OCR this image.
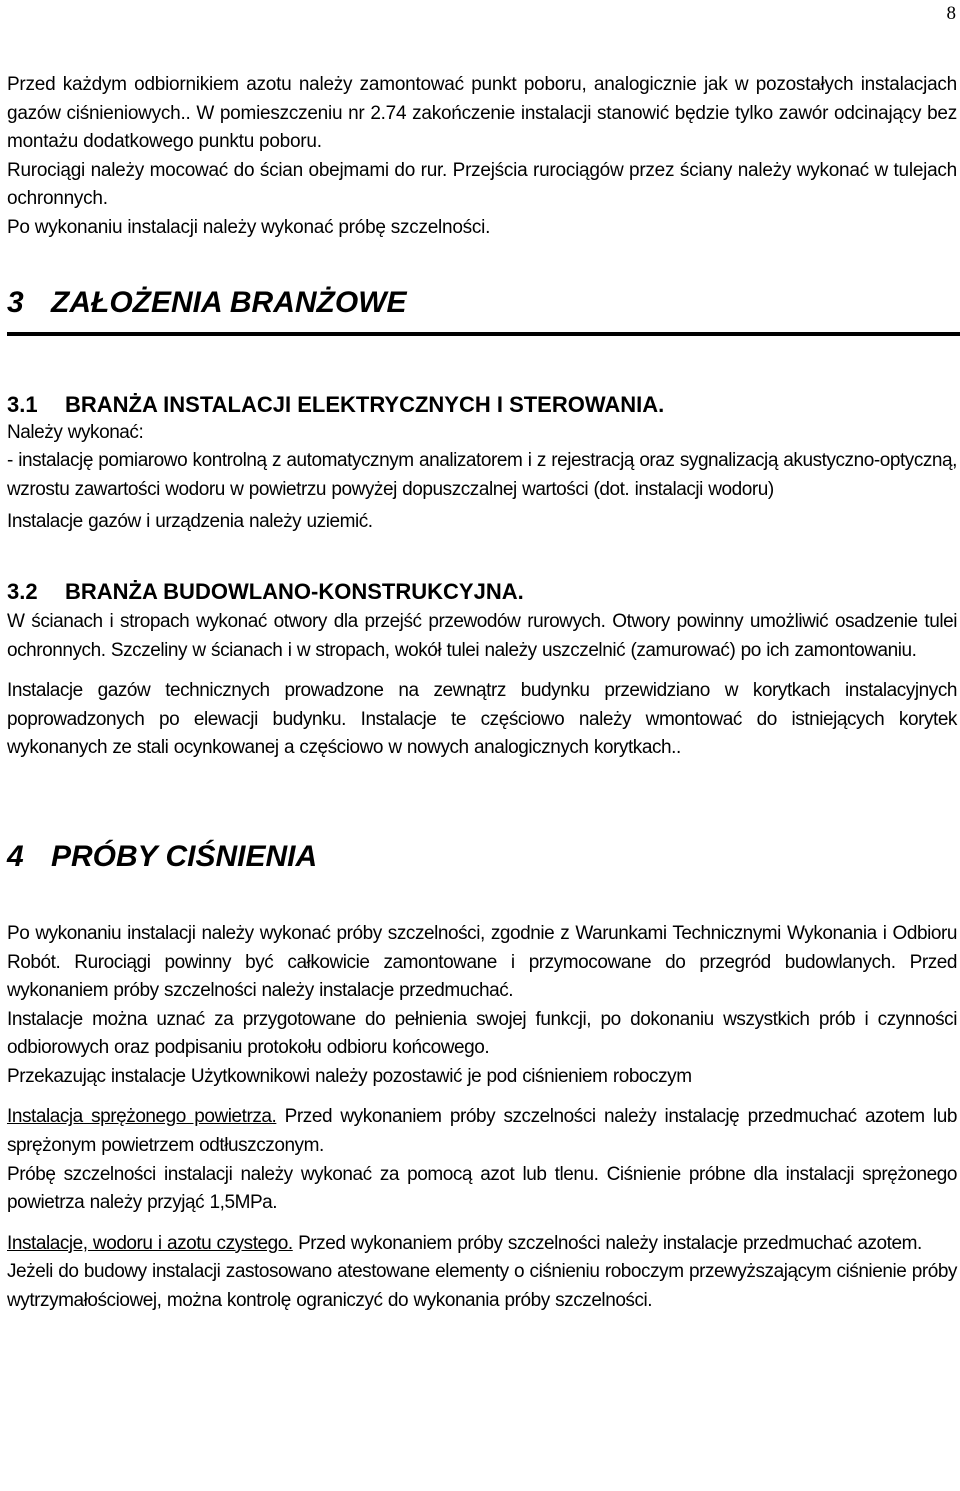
8

Przed każdym odbiornikiem azotu należy zamontować punkt poboru, analogicznie jak w pozostałych instalacjach gazów ciśnieniowych.. W pomieszczeniu nr 2.74 zakończenie instalacji stanowić będzie tylko zawór odcinający bez montażu dodatkowego punktu poboru.

Rurociągi należy mocować do ścian obejmami do rur. Przejścia rurociągów przez ściany należy wykonać w tulejach ochronnych.

Po wykonaniu instalacji należy wykonać próbę szczelności.

3 ZAŁOŻENIA BRANŻOWE
3.1 BRANŻA INSTALACJI ELEKTRYCZNYCH I STEROWANIA.

Należy wykonać:

- instalację pomiarowo kontrolną z automatycznym analizatorem i z rejestracją oraz sygnalizacją akustyczno-optyczną, wzrostu zawartości wodoru w powietrzu powyżej dopuszczalnej wartości (dot. instalacji wodoru)

Instalacje gazów i urządzenia należy uziemić.

3.2 BRANŻA BUDOWLANO-KONSTRUKCYJNA.

W ścianach i stropach wykonać otwory dla przejść przewodów rurowych. Otwory powinny umożliwić osadzenie tulei ochronnych. Szczeliny w ścianach i w stropach, wokół tulei należy uszczelnić (zamurować) po ich zamontowaniu.

Instalacje gazów technicznych prowadzone na zewnątrz budynku przewidziano w korytkach instalacyjnych poprowadzonych po elewacji budynku. Instalacje te częściowo należy wmontować do istniejących korytek wykonanych ze stali ocynkowanej a częściowo w nowych analogicznych korytkach..

4 PRÓBY CIŚNIENIA

Po wykonaniu instalacji należy wykonać próby szczelności, zgodnie z Warunkami Technicznymi Wykonania i Odbioru Robót. Rurociągi powinny być całkowicie zamontowane i przymocowane do przegród budowlanych. Przed wykonaniem próby szczelności należy instalacje przedmuchać.

Instalacje można uznać za przygotowane do pełnienia swojej funkcji, po dokonaniu wszystkich prób i czynności odbiorowych oraz podpisaniu protokołu odbioru końcowego.

Przekazując instalacje Użytkownikowi należy pozostawić je pod ciśnieniem roboczym

Instalacja sprężonego powietrza. Przed wykonaniem próby szczelności należy instalację przedmuchać azotem lub sprężonym powietrzem odtłuszczonym.

Próbę szczelności instalacji należy wykonać za pomocą azot lub tlenu. Ciśnienie próbne dla instalacji sprężonego powietrza należy przyjąć 1,5MPa.

Instalacje, wodoru i azotu czystego. Przed wykonaniem próby szczelności należy instalacje przedmuchać azotem.

Jeżeli do budowy instalacji zastosowano atestowane elementy o ciśnieniu roboczym przewyższającym ciśnienie próby wytrzymałościowej, można kontrolę ograniczyć do wykonania próby szczelności.
